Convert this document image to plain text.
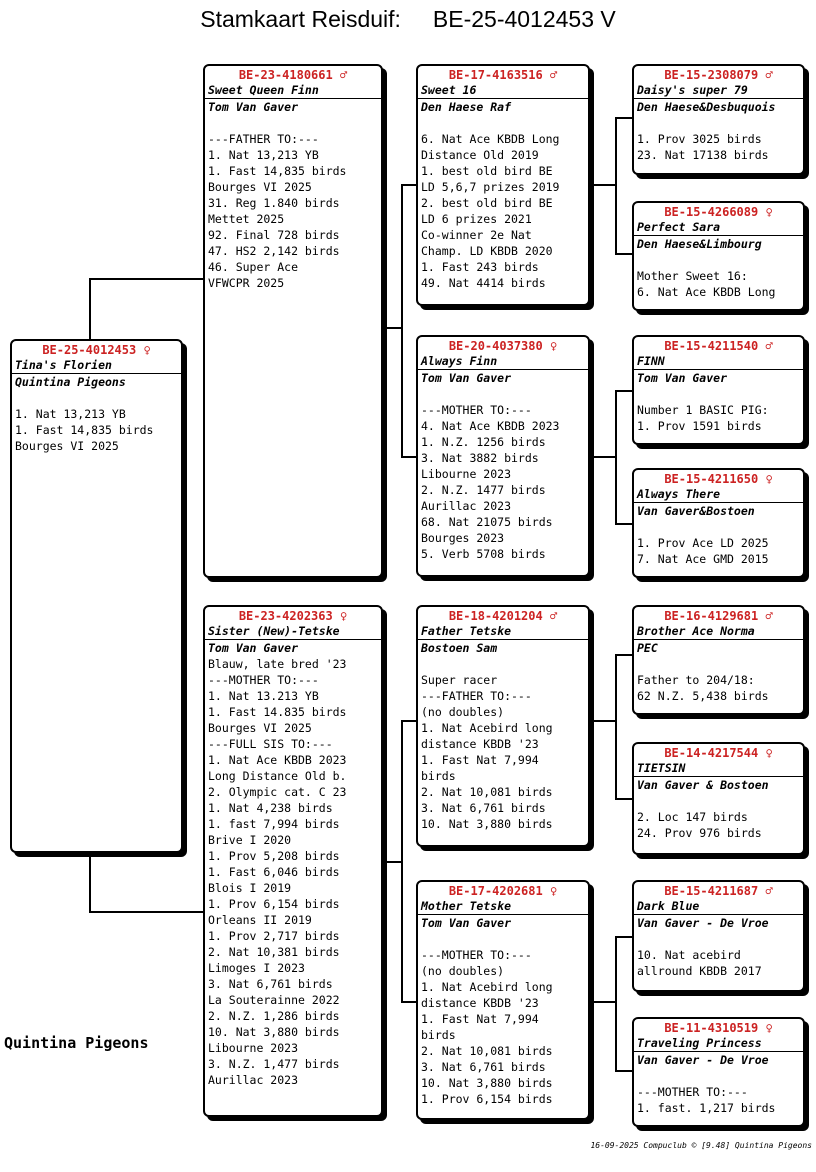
Stamkaart Reisduif:     BE-25-4012453 V
BE-25-4012453 ♀
Tina's Florien
Quintina Pigeons

1. Nat 13,213 YB
1. Fast 14,835 birds
Bourges VI 2025
BE-23-4180661 ♂
Sweet Queen Finn
Tom Van Gaver

---FATHER TO:---
1. Nat 13,213 YB
1. Fast 14,835 birds
Bourges VI 2025
31. Reg 1.840 birds
Mettet 2025
92. Final 728 birds
47. HS2 2,142 birds
46. Super Ace
VFWCPR 2025
BE-23-4202363 ♀
Sister (New)-Tetske
Tom Van Gaver
Blauw, late bred '23
---MOTHER TO:---
1. Nat 13.213 YB
1. Fast 14.835 birds
Bourges VI 2025
---FULL SIS TO:---
1. Nat Ace KBDB 2023
Long Distance Old b.
2. Olympic cat. C 23
1. Nat 4,238 birds
1. fast 7,994 birds
Brive I 2020
1. Prov 5,208 birds
1. Fast 6,046 birds
Blois I 2019
1. Prov 6,154 birds
Orleans II 2019
1. Prov 2,717 birds
2. Nat 10,381 birds
Limoges I 2023
3. Nat 6,761 birds
La Souterainne 2022
2. N.Z. 1,286 birds
10. Nat 3,880 birds
Libourne 2023
3. N.Z. 1,477 birds
Aurillac 2023
BE-17-4163516 ♂
Sweet 16
Den Haese Raf

6. Nat Ace KBDB Long
Distance Old 2019
1. best old bird BE
LD 5,6,7 prizes 2019
2. best old bird BE
LD 6 prizes 2021
Co-winner 2e Nat
Champ. LD KBDB 2020
1. Fast 243 birds
49. Nat 4414 birds
BE-20-4037380 ♀
Always Finn
Tom Van Gaver

---MOTHER TO:---
4. Nat Ace KBDB 2023
1. N.Z. 1256 birds
3. Nat 3882 birds
Libourne 2023
2. N.Z. 1477 birds
Aurillac 2023
68. Nat 21075 birds
Bourges 2023
5. Verb 5708 birds
BE-18-4201204 ♂
Father Tetske
Bostoen Sam

Super racer
---FATHER TO:---
(no doubles)
1. Nat Acebird long
distance KBDB '23
1. Fast Nat 7,994
birds
2. Nat 10,081 birds
3. Nat 6,761 birds
10. Nat 3,880 birds
BE-17-4202681 ♀
Mother Tetske
Tom Van Gaver

---MOTHER TO:---
(no doubles)
1. Nat Acebird long
distance KBDB '23
1. Fast Nat 7,994
birds
2. Nat 10,081 birds
3. Nat 6,761 birds
10. Nat 3,880 birds
1. Prov 6,154 birds
BE-15-2308079 ♂
Daisy's super 79
Den Haese&Desbuquois

1. Prov 3025 birds
23. Nat 17138 birds
BE-15-4266089 ♀
Perfect Sara
Den Haese&Limbourg

Mother Sweet 16:
6. Nat Ace KBDB Long
BE-15-4211540 ♂
FINN
Tom Van Gaver

Number 1 BASIC PIG:
1. Prov 1591 birds
BE-15-4211650 ♀
Always There
Van Gaver&Bostoen

1. Prov Ace LD 2025
7. Nat Ace GMD 2015
BE-16-4129681 ♂
Brother Ace Norma
PEC

Father to 204/18:
62 N.Z. 5,438 birds
BE-14-4217544 ♀
TIETSIN
Van Gaver & Bostoen

2. Loc 147 birds
24. Prov 976 birds
BE-15-4211687 ♂
Dark Blue
Van Gaver - De Vroe

10. Nat acebird
allround KBDB 2017
BE-11-4310519 ♀
Traveling Princess
Van Gaver - De Vroe

---MOTHER TO:---
1. fast. 1,217 birds
Quintina Pigeons
16-09-2025 Compuclub © [9.48] Quintina Pigeons
